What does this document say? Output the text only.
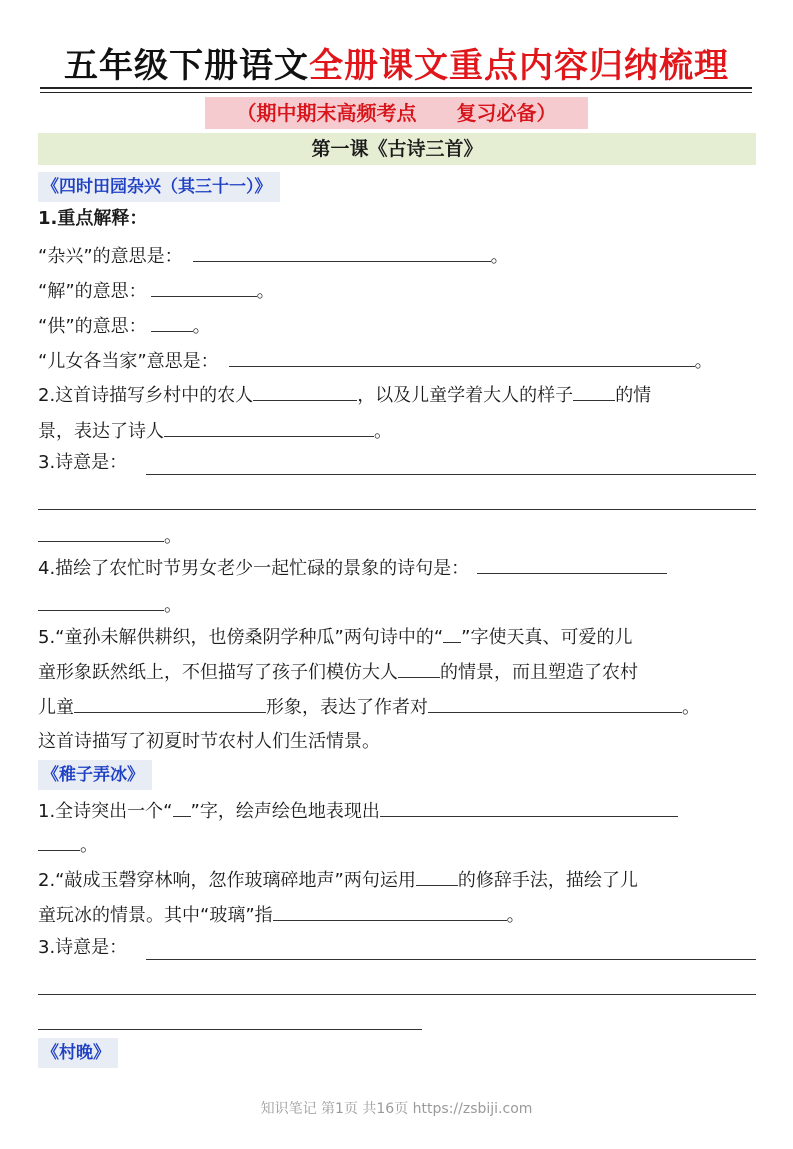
五年级下册语文全册课文重点内容归纳梳理
（期中期末高频考点　　复习必备）
第一课《古诗三首》
《四时田园杂兴（其三十一）》
1.重点解释：
“杂兴”的意思是：	。
“解”的意思：	。
“供”的意思：	。
“儿女各当家”意思是：	。
2.这首诗描写乡村中的农人	，以及儿童学着大人的样子 的情
景，表达了诗人	。
3.诗意是：
。
4.描绘了农忙时节男女老少一起忙碌的景象的诗句是：
。
5.“童孙未解供耕织，也傍桑阴学种瓜”两句诗中的“ ”字使天真、可爱的儿
童形象跃然纸上，不但描写了孩子们模仿大人 的情景，而且塑造了农村
儿童	形象，表达了作者对	。
这首诗描写了初夏时节农村人们生活情景。
《稚子弄冰》
1.全诗突出一个“ ”字，绘声绘色地表现出
。
2.“敲成玉磬穿林响，忽作玻璃碎地声”两句运用 的修辞手法，描绘了儿
童玩冰的情景。其中“玻璃”指	。
3.诗意是：
《村晚》
知识笔记 第1页 共16页 https://zsbiji.com
